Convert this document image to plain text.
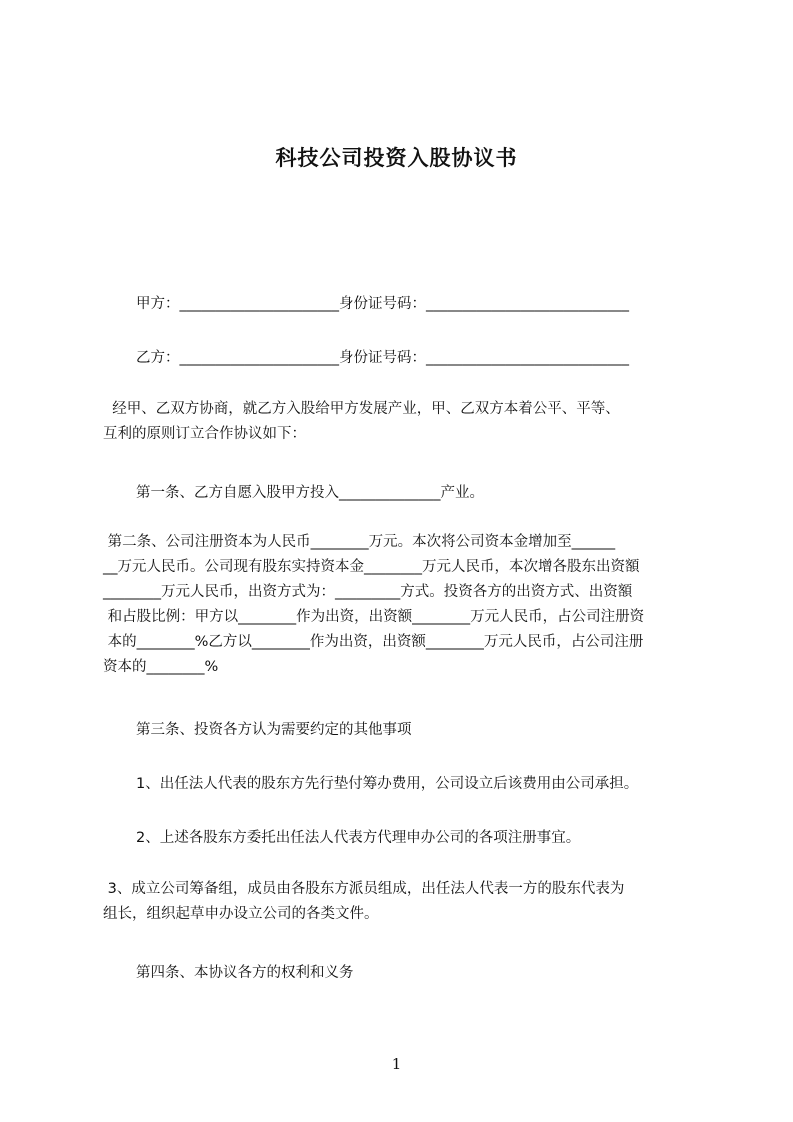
科技公司投资入股协议书
甲方：______________________身份证号码：____________________________
乙方：______________________身份证号码：____________________________
经甲、乙双方协商，就乙方入股给甲方发展产业，甲、乙双方本着公平、平等、
互利的原则订立合作协议如下：
第一条、乙方自愿入股甲方投入______________产业。
第二条、公司注册资本为人民币________万元。本次将公司资本金增加至______
__万元人民币。公司现有股东实持资本金________万元人民币，本次增各股东出资額
________万元人民币，出资方式为：_________方式。投资各方的出资方式、出资額
和占股比例：甲方以________作为出资，出资额________万元人民币，占公司注册资
本的________%乙方以________作为出资，出资额________万元人民币，占公司注册
资本的________%
第三条、投资各方认为需要约定的其他事项
1、出任法人代表的股东方先行垫付筹办费用，公司设立后该费用由公司承担。
2、上述各股东方委托出任法人代表方代理申办公司的各项注册事宜。
3、成立公司筹备组，成员由各股东方派员组成，出任法人代表一方的股东代表为
组长，组织起草申办设立公司的各类文件。
第四条、本协议各方的权利和义务
1
